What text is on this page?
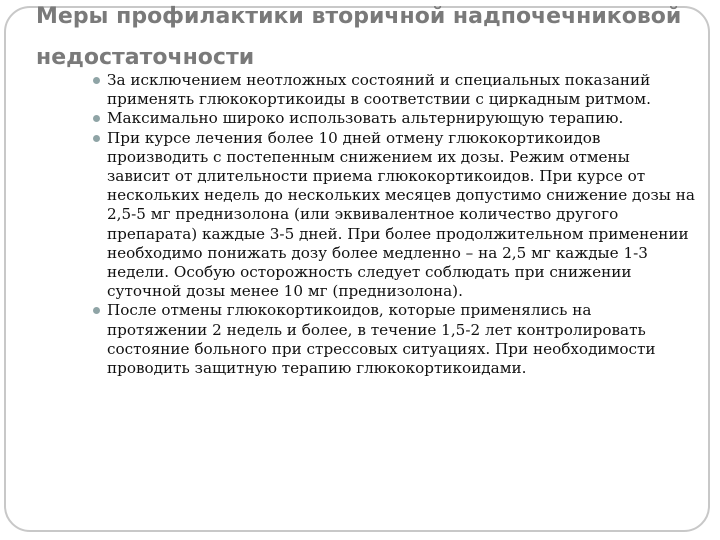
Меры профилактики вторичной надпочечниковой недостаточности
За исключением неотложных состояний и специальных показаний применять глюкокортикоиды в соответствии с циркадным ритмом.
Максимально широко использовать альтернирующую терапию.
При курсе лечения более 10 дней отмену глюкокортикоидов производить с постепенным снижением их дозы. Режим отмены зависит от длительности приема глюкокортикоидов. При курсе от нескольких недель до нескольких месяцев допустимо снижение дозы на 2,5-5 мг преднизолона (или эквивалентное количество другого препарата) каждые 3-5 дней. При более продолжительном применении необходимо понижать дозу более медленно – на 2,5 мг каждые 1-3 недели. Особую осторожность следует соблюдать при снижении суточной дозы менее 10 мг (преднизолона).
После отмены глюкокортикоидов, которые применялись на протяжении 2 недель и более, в течение 1,5-2 лет контролировать состояние больного при стрессовых ситуациях. При необходимости проводить защитную терапию глюкокортикоидами.
